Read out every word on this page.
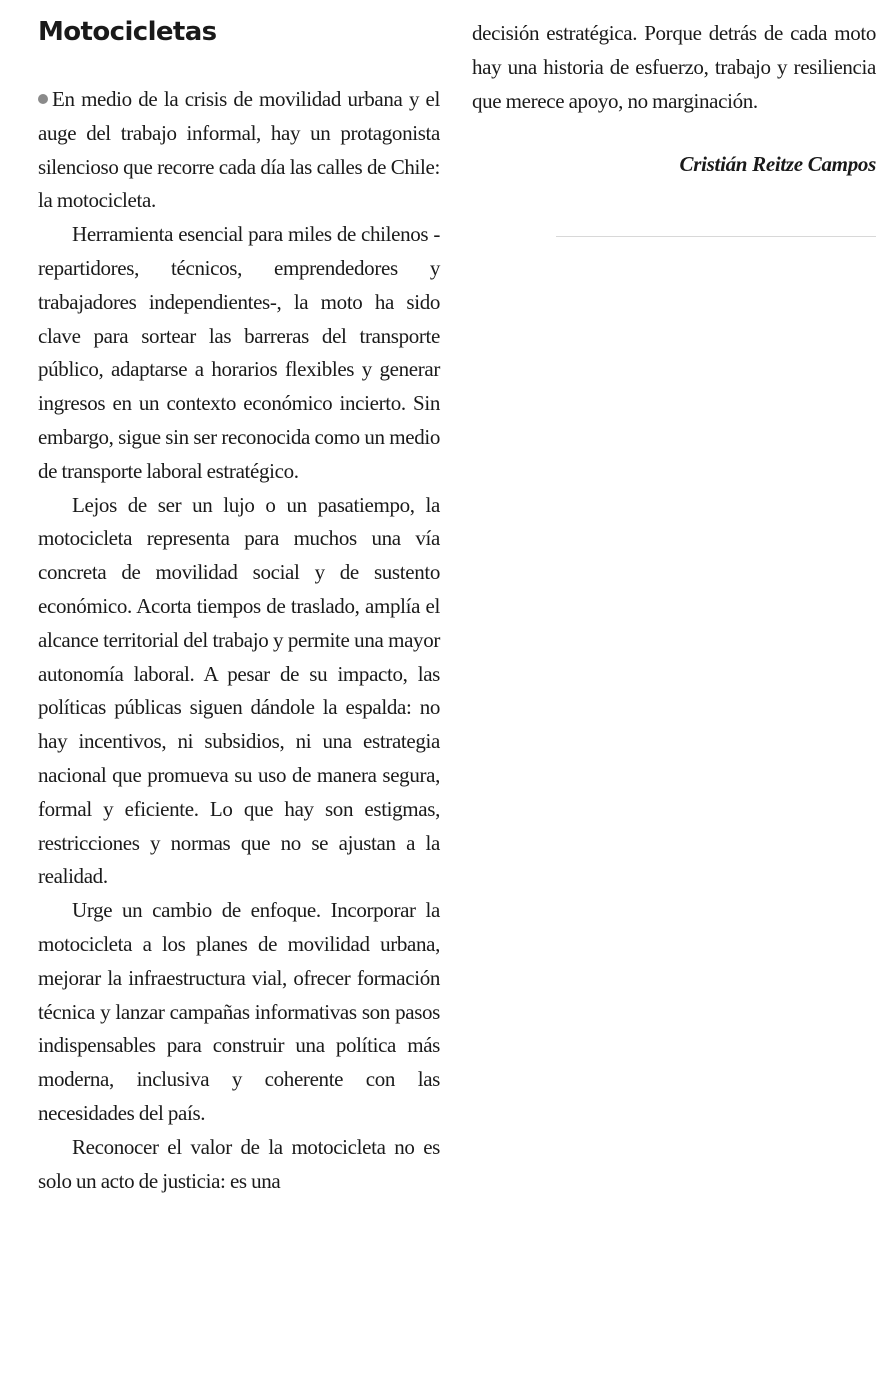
Motocicletas

En medio de la crisis de movilidad urbana y el auge del trabajo informal, hay un protagonista silencioso que recorre cada día las calles de Chile: la motocicleta.

Herramienta esencial para miles de chilenos -repartidores, técnicos, emprendedores y trabajadores independientes-, la moto ha sido clave para sortear las barreras del transporte público, adaptarse a horarios flexibles y generar ingresos en un contexto económico incierto. Sin embargo, sigue sin ser reconocida como un medio de transporte laboral estratégico.

Lejos de ser un lujo o un pasatiempo, la motocicleta representa para muchos una vía concreta de movilidad social y de sustento económico. Acorta tiempos de traslado, amplía el alcance territorial del trabajo y permite una mayor autonomía laboral. A pesar de su impacto, las políticas públicas siguen dándole la espalda: no hay incentivos, ni subsidios, ni una estrategia nacional que promueva su uso de manera segura, formal y eficiente. Lo que hay son estigmas, restricciones y normas que no se ajustan a la realidad.

Urge un cambio de enfoque. Incorporar la motocicleta a los planes de movilidad urbana, mejorar la infraestructura vial, ofrecer formación técnica y lanzar campañas informativas son pasos indispensables para construir una política más moderna, inclusiva y coherente con las necesidades del país.

Reconocer el valor de la motocicleta no es solo un acto de justicia: es una

decisión estratégica. Porque detrás de cada moto hay una historia de esfuerzo, trabajo y resiliencia que merece apoyo, no marginación.

Cristián Reitze Campos
